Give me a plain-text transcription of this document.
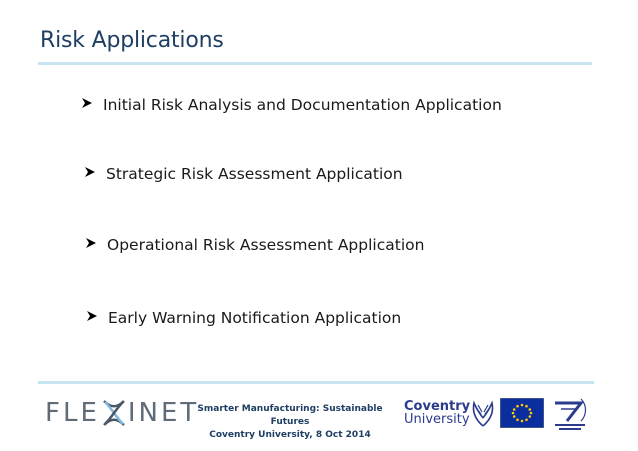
Risk Applications
Initial Risk Analysis and Documentation Application
Strategic Risk Assessment Application
Operational Risk Assessment Application
Early Warning Notification Application
FLE INET
Smarter Manufacturing: Sustainable Futures
Coventry University, 8 Oct 2014
Coventry
University
